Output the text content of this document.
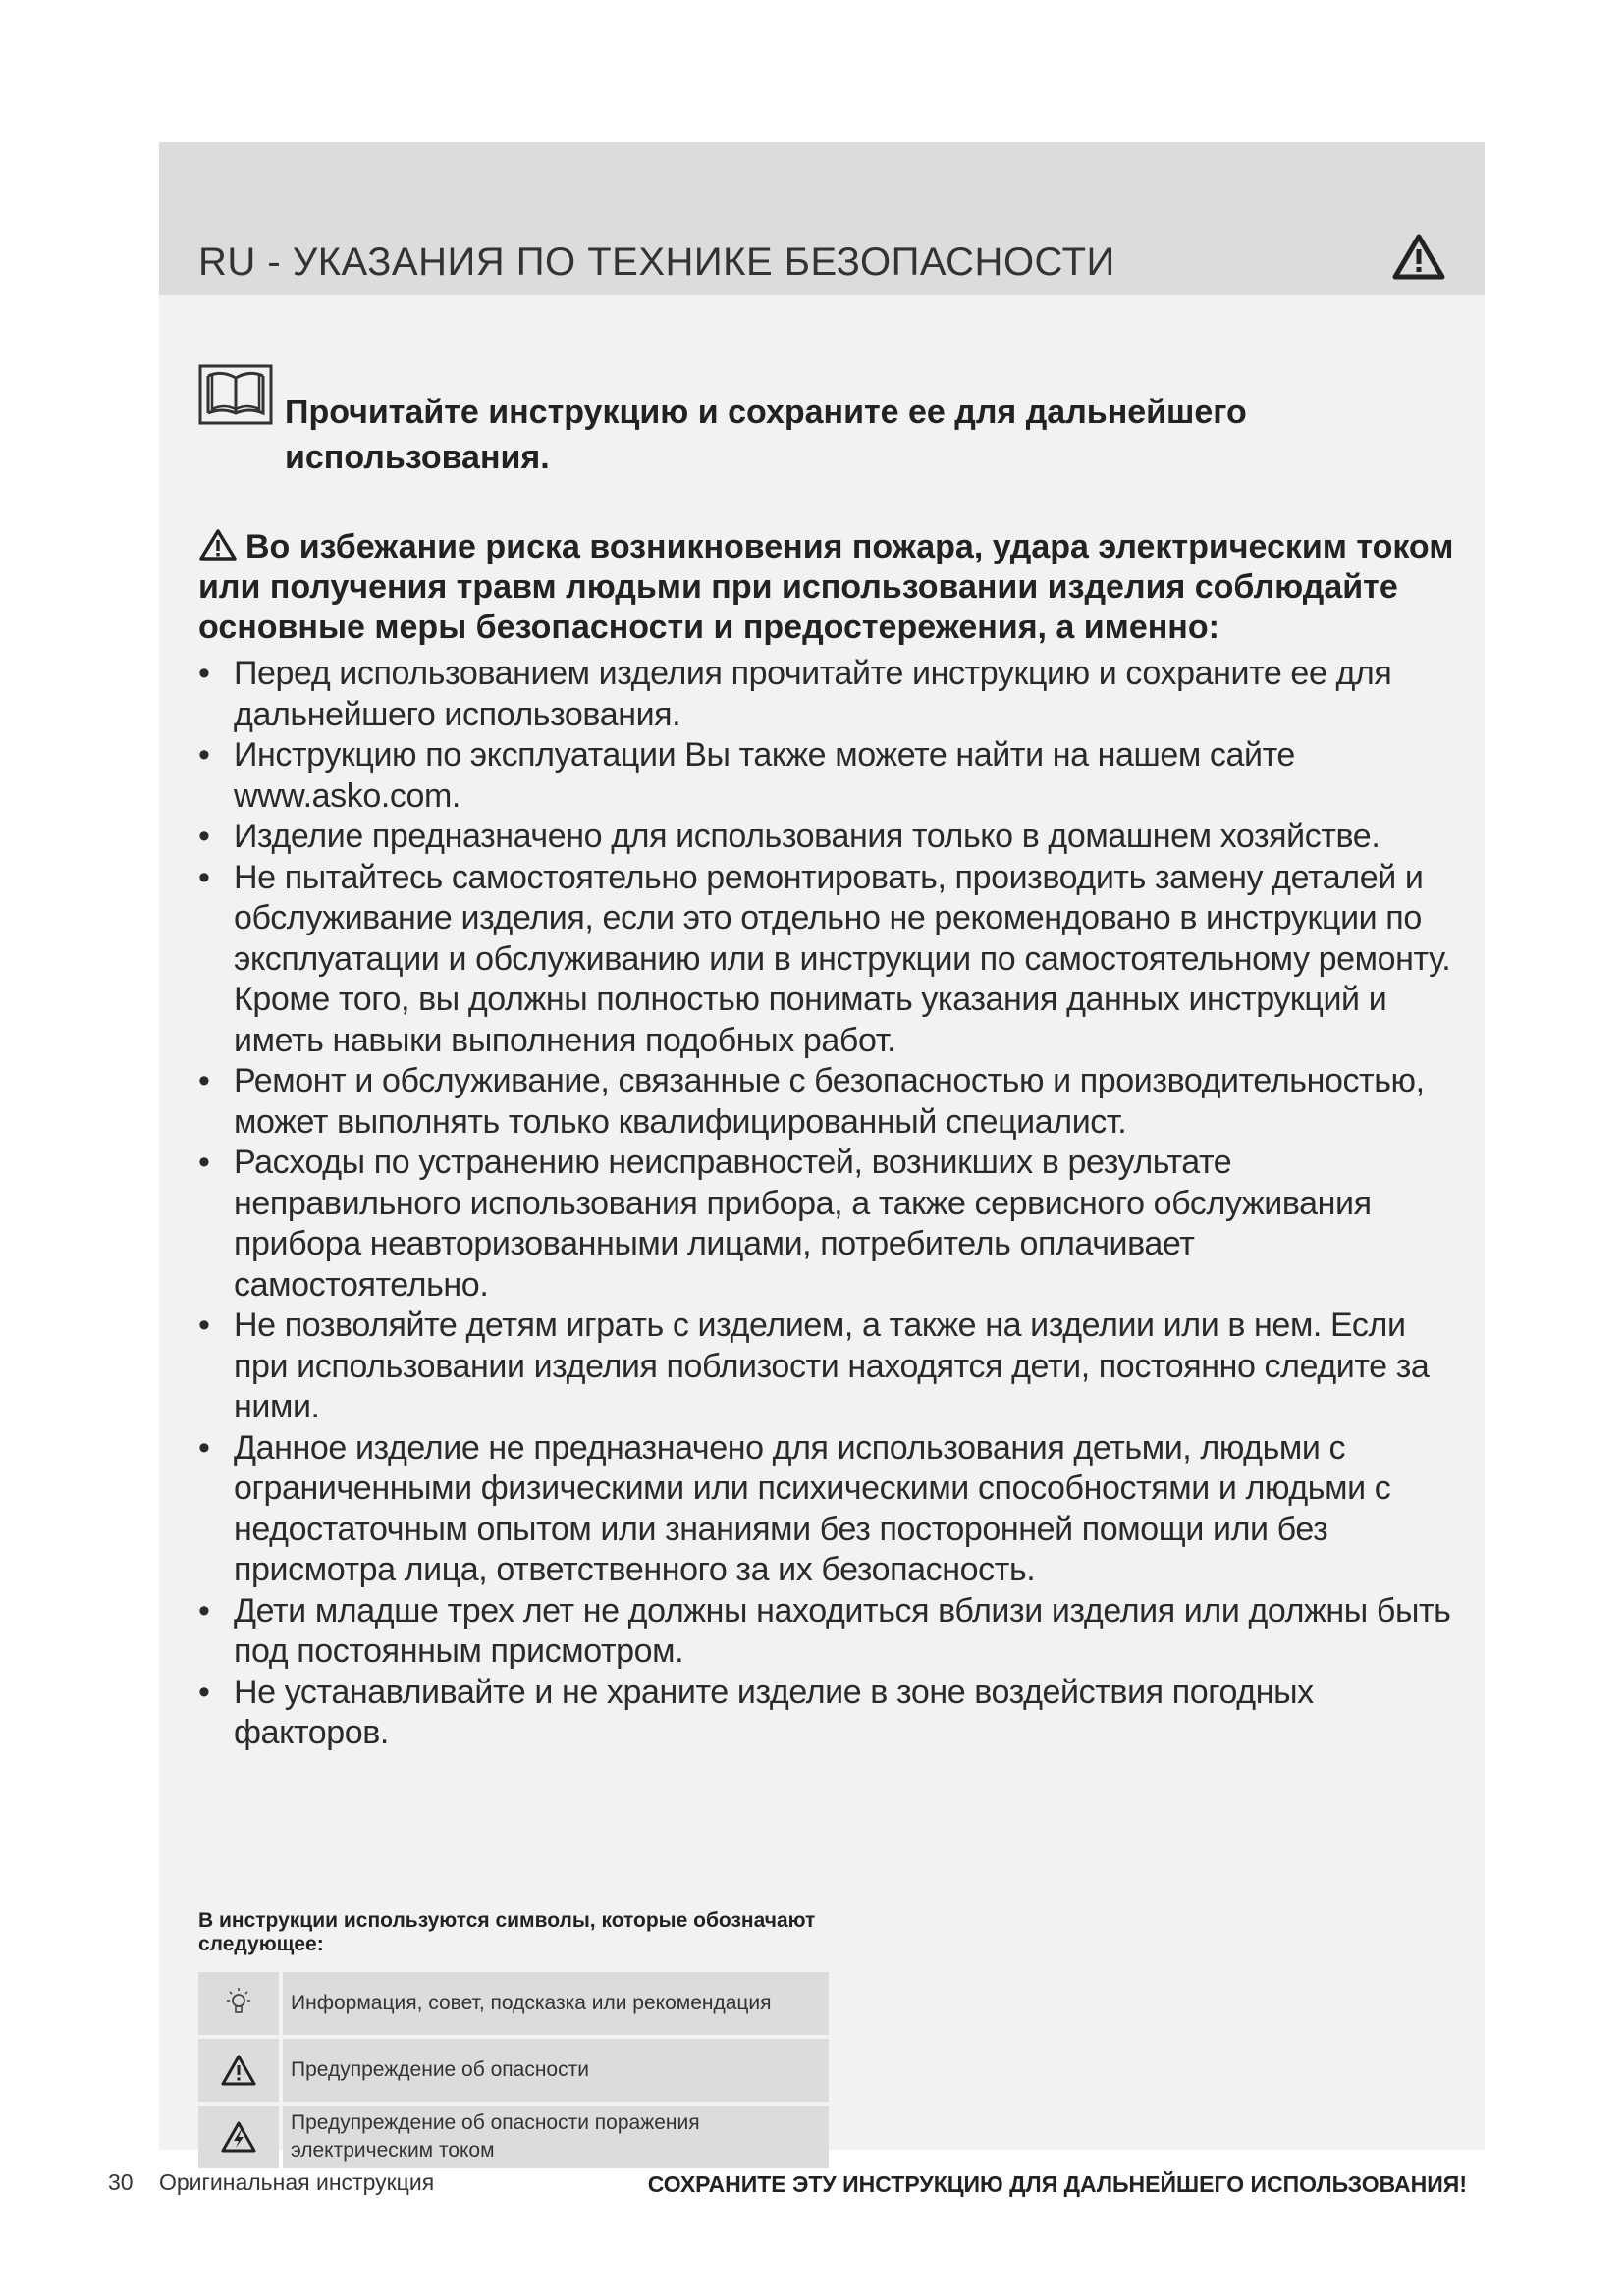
RU - УКАЗАНИЯ ПО ТЕХНИКЕ БЕЗОПАСНОСТИ
Прочитайте инструкцию и сохраните ее для дальнейшего использования.

Во избежание риска возникновения пожара, удара электрическим током или получения травм людьми при использовании изделия соблюдайте основные меры безопасности и предостережения, а именно:

• Перед использованием изделия прочитайте инструкцию и сохраните ее для дальнейшего использования.
• Инструкцию по эксплуатации Вы также можете найти на нашем сайте www.asko.com.
• Изделие предназначено для использования только в домашнем хозяйстве.
• Не пытайтесь самостоятельно ремонтировать, производить замену деталей и обслуживание изделия, если это отдельно не рекомендовано в инструкции по эксплуатации и обслуживанию или в инструкции по самостоятельному ремонту. Кроме того, вы должны полностью понимать указания данных инструкций и иметь навыки выполнения подобных работ.
• Ремонт и обслуживание, связанные с безопасностью и производительностью, может выполнять только квалифицированный специалист.
• Расходы по устранению неисправностей, возникших в результате неправильного использования прибора, а также сервисного обслуживания прибора неавторизованными лицами, потребитель оплачивает самостоятельно.
• Не позволяйте детям играть с изделием, а также на изделии или в нем. Если при использовании изделия поблизости находятся дети, постоянно следите за ними.
• Данное изделие не предназначено для использования детьми, людьми с ограниченными физическими или психическими способностями и людьми с недостаточным опытом или знаниями без посторонней помощи или без присмотра лица, ответственного за их безопасность.
• Дети младше трех лет не должны находиться вблизи изделия или должны быть под постоянным присмотром.
• Не устанавливайте и не храните изделие в зоне воздействия погодных факторов.

В инструкции используются символы, которые обозначают следующее:

	Информация, совет, подсказка или рекомендация
	Предупреждение об опасности
	Предупреждение об опасности поражения электрическим током
30 Оригинальная инструкция	СОХРАНИТЕ ЭТУ ИНСТРУКЦИЮ ДЛЯ ДАЛЬНЕЙШЕГО ИСПОЛЬЗОВАНИЯ!
